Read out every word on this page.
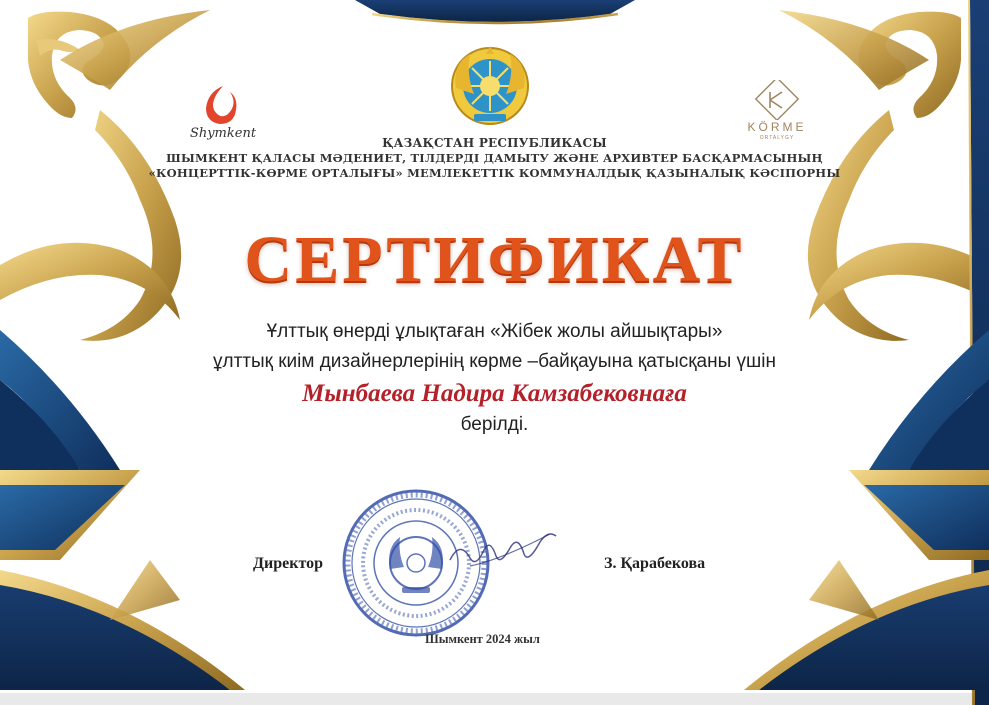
Shymkent	KÖRME
ORTALYGY
ҚАЗАҚСТАН РЕСПУБЛИКАСЫ
ШЫМКЕНТ ҚАЛАСЫ МӘДЕНИЕТ, ТІЛДЕРДІ ДАМЫТУ ЖӘНЕ АРХИВТЕР БАСҚАРМАСЫНЫҢ
«КОНЦЕРТТІК-КӨРМЕ ОРТАЛЫҒЫ» МЕМЛЕКЕТТІК КОММУНАЛДЫҚ ҚАЗЫНАЛЫҚ КӘСІПОРНЫ
СЕРТИФИКАТ
Ұлттық өнерді ұлықтаған «Жібек жолы айшықтары»
ұлттық киім дизайнерлерінің көрме –байқауына қатысқаны үшін
Мынбаева Надира Камзабековнаға
берілді.
Директор	З. Қарабекова
Шымкент 2024 жыл
